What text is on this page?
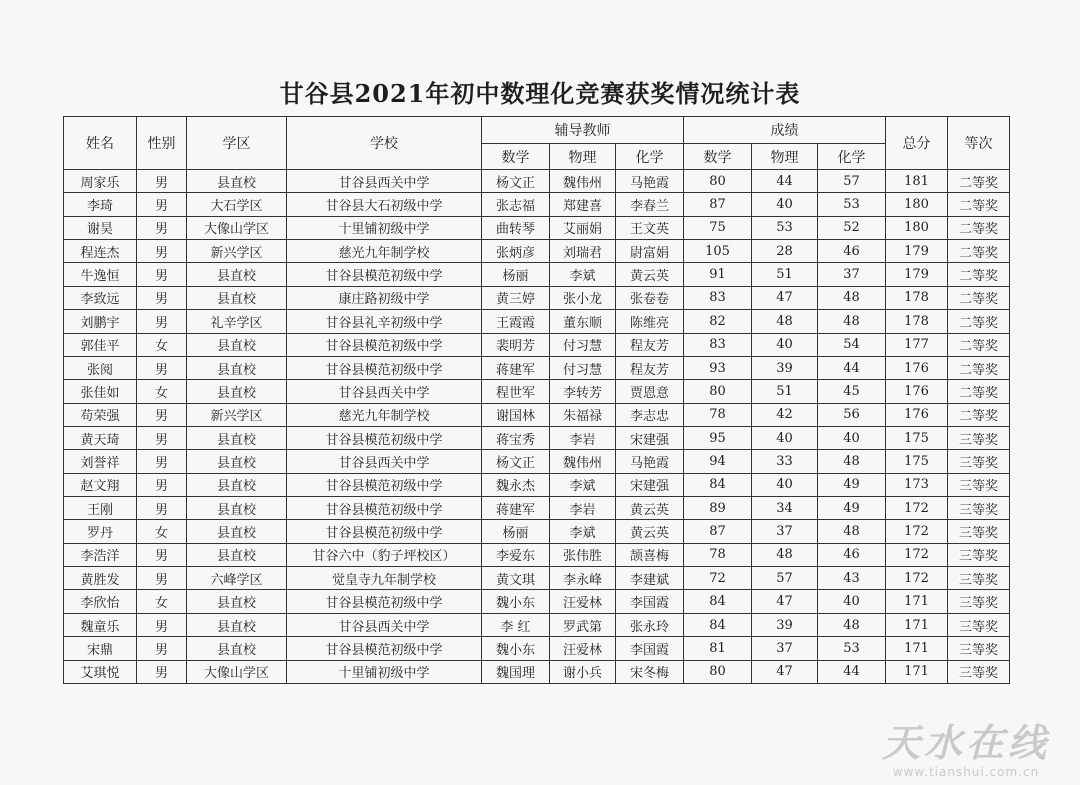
甘谷县2021年初中数理化竞赛获奖情况统计表
姓名	性别	学区	学校	辅导教师			成绩			总分	等次
				数学	物理	化学	数学	物理	化学		
周家乐	男	县直校	甘谷县西关中学	杨文正	魏伟州	马艳霞	80	44	57	181	二等奖
李琦	男	大石学区	甘谷县大石初级中学	张志福	郑建喜	李春兰	87	40	53	180	二等奖
谢昊	男	大像山学区	十里铺初级中学	曲转琴	艾丽娟	王文英	75	53	52	180	二等奖
程连杰	男	新兴学区	慈光九年制学校	张炳彦	刘瑞君	尉富娟	105	28	46	179	二等奖
牛逸恒	男	县直校	甘谷县模范初级中学	杨丽	李斌	黄云英	91	51	37	179	二等奖
李致远	男	县直校	康庄路初级中学	黄三婷	张小龙	张卷卷	83	47	48	178	二等奖
刘鹏宇	男	礼辛学区	甘谷县礼辛初级中学	王霞霞	董东顺	陈维亮	82	48	48	178	二等奖
郭佳平	女	县直校	甘谷县模范初级中学	裴明芳	付习慧	程友芳	83	40	54	177	二等奖
张阅	男	县直校	甘谷县模范初级中学	蒋建军	付习慧	程友芳	93	39	44	176	二等奖
张佳如	女	县直校	甘谷县西关中学	程世军	李转芳	贾恩意	80	51	45	176	二等奖
苟荣强	男	新兴学区	慈光九年制学校	谢国林	朱福禄	李志忠	78	42	56	176	二等奖
黄天琦	男	县直校	甘谷县模范初级中学	蒋宝秀	李岩	宋建强	95	40	40	175	三等奖
刘誉祥	男	县直校	甘谷县西关中学	杨文正	魏伟州	马艳霞	94	33	48	175	三等奖
赵文翔	男	县直校	甘谷县模范初级中学	魏永杰	李斌	宋建强	84	40	49	173	三等奖
王刚	男	县直校	甘谷县模范初级中学	蒋建军	李岩	黄云英	89	34	49	172	三等奖
罗丹	女	县直校	甘谷县模范初级中学	杨丽	李斌	黄云英	87	37	48	172	三等奖
李浩洋	男	县直校	甘谷六中（豹子坪校区）	李爱东	张伟胜	颉喜梅	78	48	46	172	三等奖
黄胜发	男	六峰学区	觉皇寺九年制学校	黄文琪	李永峰	李建斌	72	57	43	172	三等奖
李欣怡	女	县直校	甘谷县模范初级中学	魏小东	汪爱林	李国霞	84	47	40	171	三等奖
魏童乐	男	县直校	甘谷县西关中学	李 红	罗武第	张永玲	84	39	48	171	三等奖
宋鼎	男	县直校	甘谷县模范初级中学	魏小东	汪爱林	李国霞	81	37	53	171	三等奖
艾琪悦	男	大像山学区	十里铺初级中学	魏国理	谢小兵	宋冬梅	80	47	44	171	三等奖
天水在线
www.tianshui.com.cn
